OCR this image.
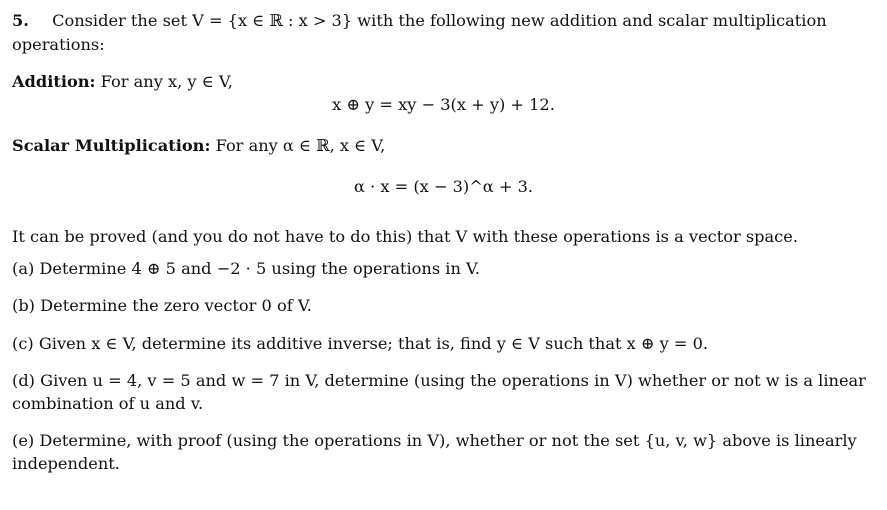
5. Consider the set V = {x ∈ ℝ : x > 3} with the following new addition and scalar multiplication
operations:
Addition: For any x, y ∈ V,
x ⊕ y = xy − 3(x + y) + 12.
Scalar Multiplication: For any α ∈ ℝ, x ∈ V,
α · x = (x − 3)^α + 3.
It can be proved (and you do not have to do this) that V with these operations is a vector space.
(a) Determine 4 ⊕ 5 and −2 · 5 using the operations in V.
(b) Determine the zero vector 0 of V.
(c) Given x ∈ V, determine its additive inverse; that is, find y ∈ V such that x ⊕ y = 0.
(d) Given u = 4, v = 5 and w = 7 in V, determine (using the operations in V) whether or not w is a linear
combination of u and v.
(e) Determine, with proof (using the operations in V), whether or not the set {u, v, w} above is linearly
independent.
